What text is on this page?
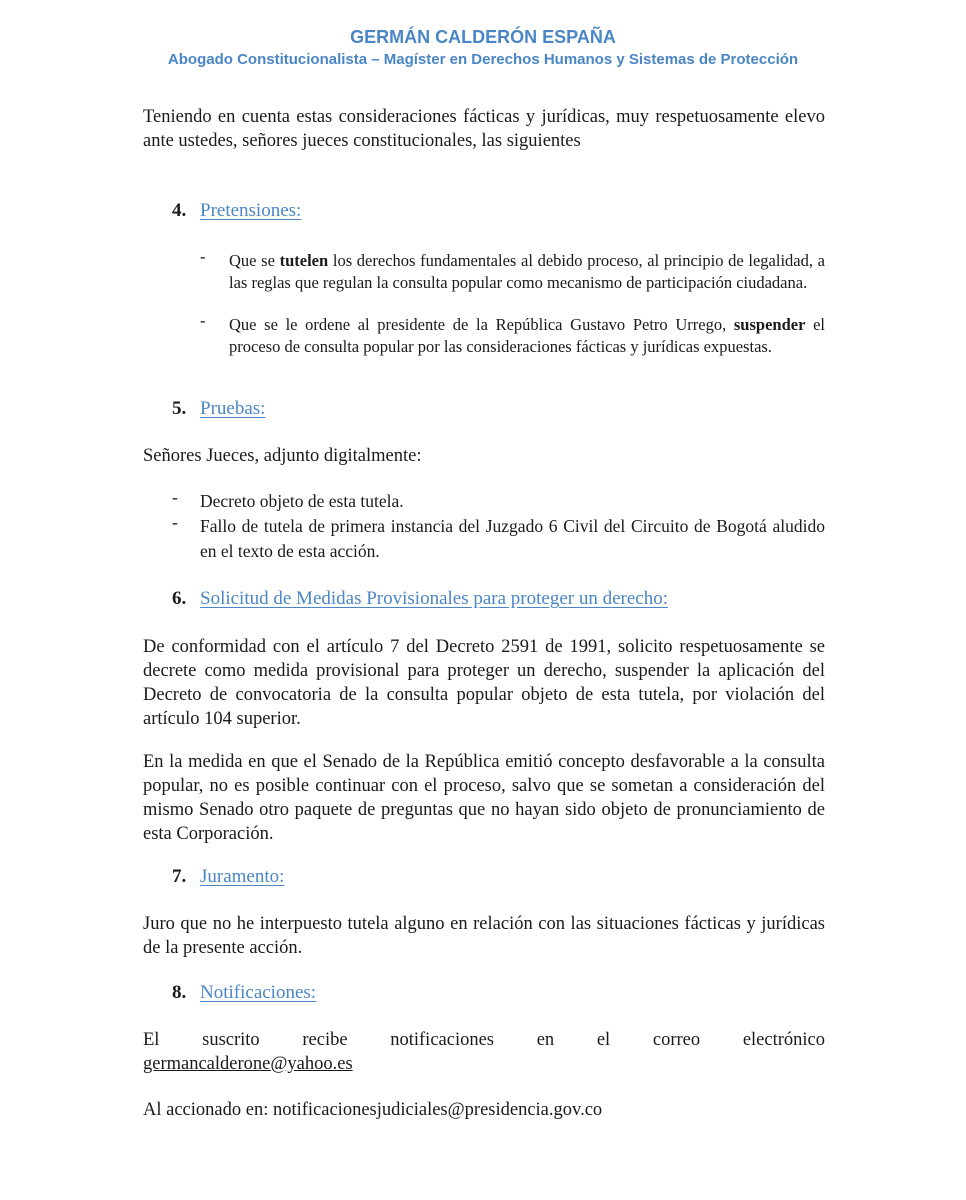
GERMÁN CALDERÓN ESPAÑA
Abogado Constitucionalista – Magíster en Derechos Humanos y Sistemas de Protección
Teniendo en cuenta estas consideraciones fácticas y jurídicas, muy respetuosamente elevo ante ustedes, señores jueces constitucionales, las siguientes
4. Pretensiones:
- Que se tutelen los derechos fundamentales al debido proceso, al principio de legalidad, a las reglas que regulan la consulta popular como mecanismo de participación ciudadana.
- Que se le ordene al presidente de la República Gustavo Petro Urrego, suspender el proceso de consulta popular por las consideraciones fácticas y jurídicas expuestas.
5. Pruebas:
Señores Jueces, adjunto digitalmente:
- Decreto objeto de esta tutela.
- Fallo de tutela de primera instancia del Juzgado 6 Civil del Circuito de Bogotá aludido en el texto de esta acción.
6. Solicitud de Medidas Provisionales para proteger un derecho:
De conformidad con el artículo 7 del Decreto 2591 de 1991, solicito respetuosamente se decrete como medida provisional para proteger un derecho, suspender la aplicación del Decreto de convocatoria de la consulta popular objeto de esta tutela, por violación del artículo 104 superior.
En la medida en que el Senado de la República emitió concepto desfavorable a la consulta popular, no es posible continuar con el proceso, salvo que se sometan a consideración del mismo Senado otro paquete de preguntas que no hayan sido objeto de pronunciamiento de esta Corporación.
7. Juramento:
Juro que no he interpuesto tutela alguno en relación con las situaciones fácticas y jurídicas de la presente acción.
8. Notificaciones:
El suscrito recibe notificaciones en el correo electrónico
germancalderone@yahoo.es
Al accionado en: notificacionesjudiciales@presidencia.gov.co
